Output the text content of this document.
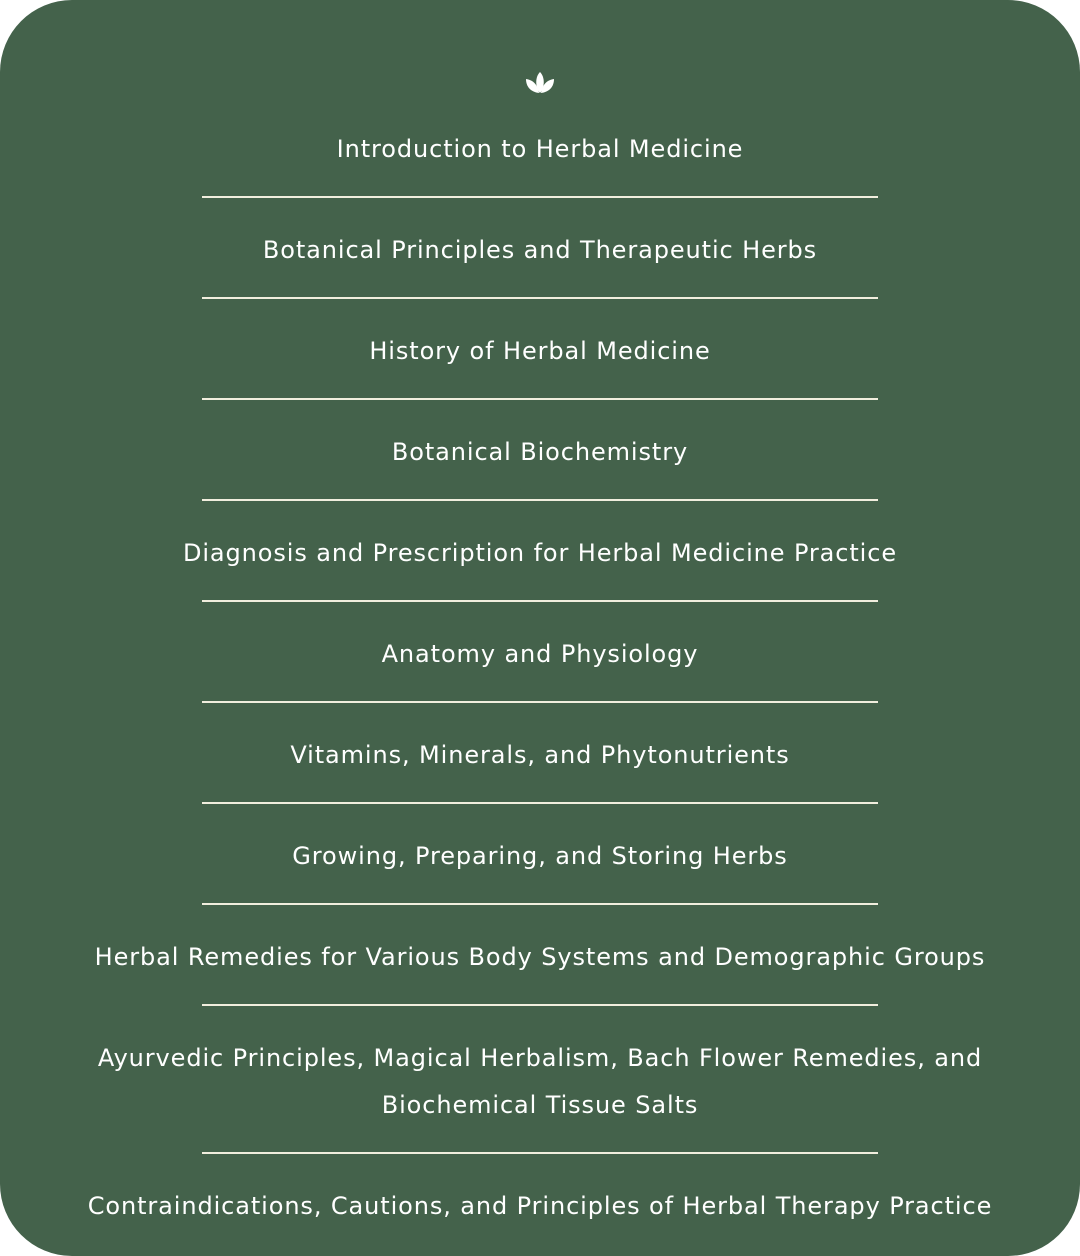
Introduction to Herbal Medicine
Botanical Principles and Therapeutic Herbs
History of Herbal Medicine
Botanical Biochemistry
Diagnosis and Prescription for Herbal Medicine Practice
Anatomy and Physiology
Vitamins, Minerals, and Phytonutrients
Growing, Preparing, and Storing Herbs
Herbal Remedies for Various Body Systems and Demographic Groups
Ayurvedic Principles, Magical Herbalism, Bach Flower Remedies, and Biochemical Tissue Salts
Contraindications, Cautions, and Principles of Herbal Therapy Practice
